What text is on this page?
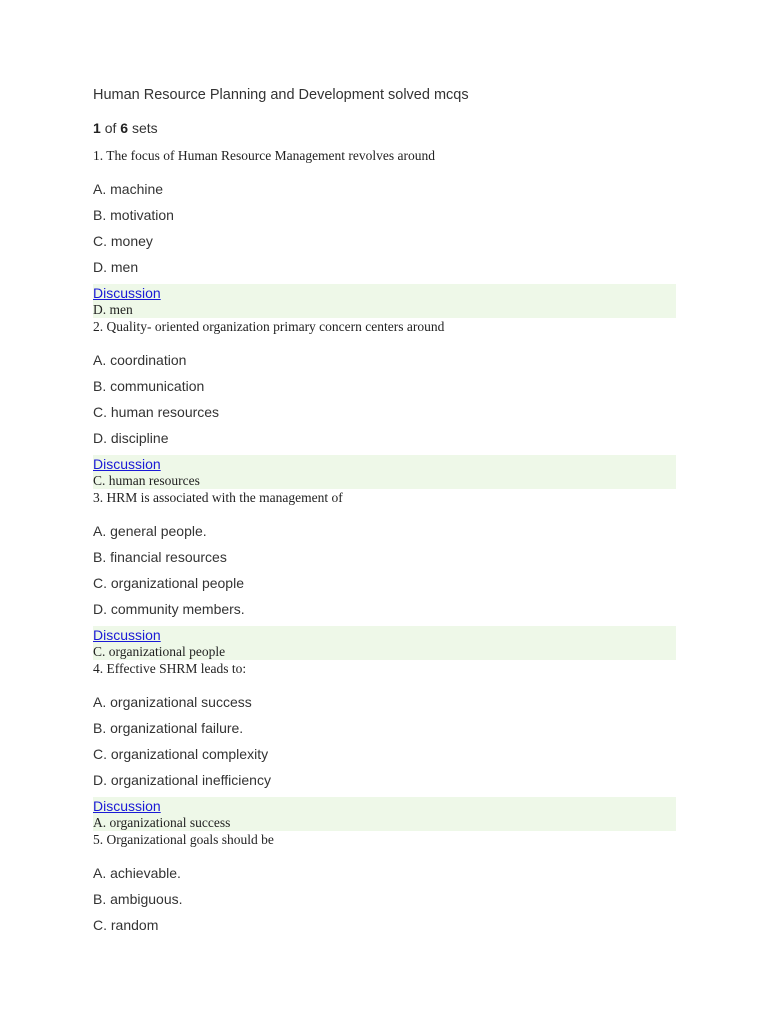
Human Resource Planning and Development solved mcqs
1 of 6 sets
1. The focus of Human Resource Management revolves around
A. machine
B. motivation
C. money
D. men
Discussion
D. men
2. Quality- oriented organization primary concern centers around
A. coordination
B. communication
C. human resources
D. discipline
Discussion
C. human resources
3. HRM is associated with the management of
A. general people.
B. financial resources
C. organizational people
D. community members.
Discussion
C. organizational people
4. Effective SHRM leads to:
A. organizational success
B. organizational failure.
C. organizational complexity
D. organizational inefficiency
Discussion
A. organizational success
5. Organizational goals should be
A. achievable.
B. ambiguous.
C. random
